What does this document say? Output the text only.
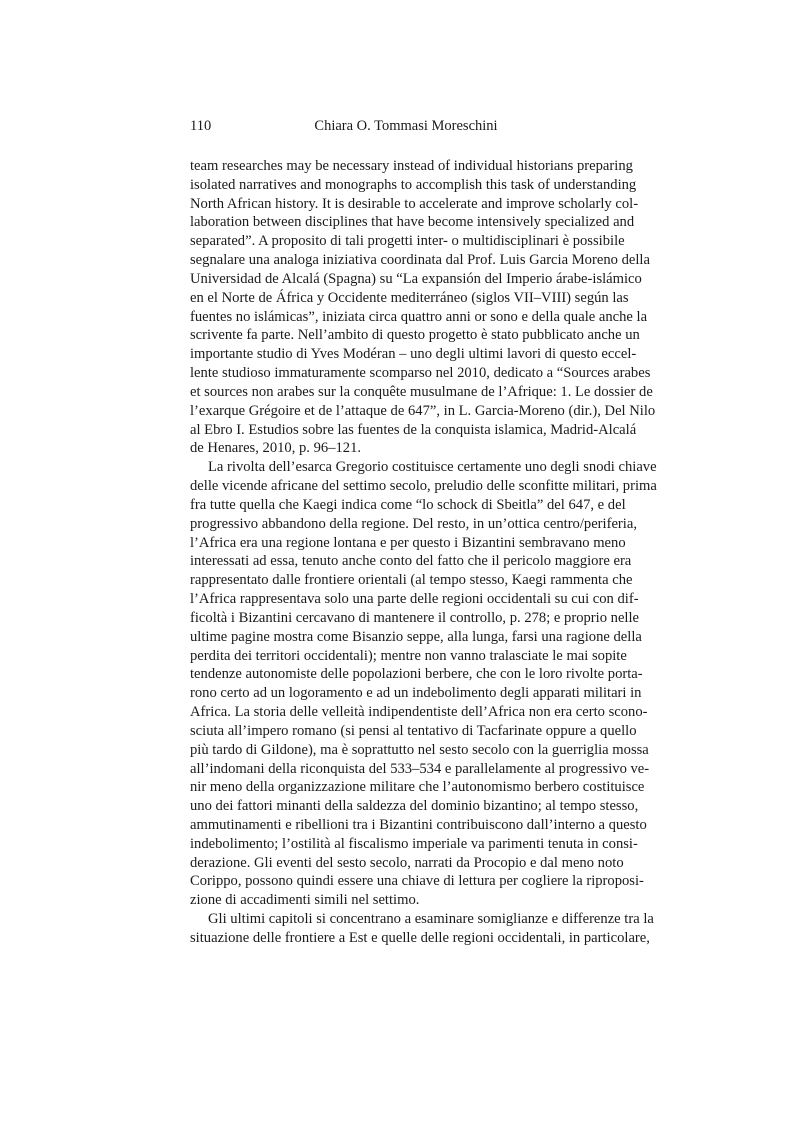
110	Chiara O. Tommasi Moreschini
team researches may be necessary instead of individual historians preparing
isolated narratives and monographs to accomplish this task of understanding
North African history. It is desirable to accelerate and improve scholarly col-
laboration between disciplines that have become intensively specialized and
separated”. A proposito di tali progetti inter- o multidisciplinari è possibile
segnalare una analoga iniziativa coordinata dal Prof. Luis Garcia Moreno della
Universidad de Alcalá (Spagna) su “La expansión del Imperio árabe-islámico
en el Norte de África y Occidente mediterráneo (siglos VII–VIII) según las
fuentes no islámicas”, iniziata circa quattro anni or sono e della quale anche la
scrivente fa parte. Nell’ambito di questo progetto è stato pubblicato anche un
importante studio di Yves Modéran – uno degli ultimi lavori di questo eccel-
lente studioso immaturamente scomparso nel 2010, dedicato a “Sources arabes
et sources non arabes sur la conquête musulmane de l’Afrique: 1. Le dossier de
l’exarque Grégoire et de l’attaque de 647”, in L. Garcia-Moreno (dir.), Del Nilo
al Ebro I. Estudios sobre las fuentes de la conquista islamica, Madrid-Alcalá
de Henares, 2010, p. 96–121.
La rivolta dell’esarca Gregorio costituisce certamente uno degli snodi chiave
delle vicende africane del settimo secolo, preludio delle sconfitte militari, prima
fra tutte quella che Kaegi indica come “lo schock di Sbeitla” del 647, e del
progressivo abbandono della regione. Del resto, in un’ottica centro/periferia,
l’Africa era una regione lontana e per questo i Bizantini sembravano meno
interessati ad essa, tenuto anche conto del fatto che il pericolo maggiore era
rappresentato dalle frontiere orientali (al tempo stesso, Kaegi rammenta che
l’Africa rappresentava solo una parte delle regioni occidentali su cui con dif-
ficoltà i Bizantini cercavano di mantenere il controllo, p. 278; e proprio nelle
ultime pagine mostra come Bisanzio seppe, alla lunga, farsi una ragione della
perdita dei territori occidentali); mentre non vanno tralasciate le mai sopite
tendenze autonomiste delle popolazioni berbere, che con le loro rivolte porta-
rono certo ad un logoramento e ad un indebolimento degli apparati militari in
Africa. La storia delle velleità indipendentiste dell’Africa non era certo scono-
sciuta all’impero romano (si pensi al tentativo di Tacfarinate oppure a quello
più tardo di Gildone), ma è soprattutto nel sesto secolo con la guerriglia mossa
all’indomani della riconquista del 533–534 e parallelamente al progressivo ve-
nir meno della organizzazione militare che l’autonomismo berbero costituisce
uno dei fattori minanti della saldezza del dominio bizantino; al tempo stesso,
ammutinamenti e ribellioni tra i Bizantini contribuiscono dall’interno a questo
indebolimento; l’ostilità al fiscalismo imperiale va parimenti tenuta in consi-
derazione. Gli eventi del sesto secolo, narrati da Procopio e dal meno noto
Corippo, possono quindi essere una chiave di lettura per cogliere la riproposi-
zione di accadimenti simili nel settimo.
Gli ultimi capitoli si concentrano a esaminare somiglianze e differenze tra la
situazione delle frontiere a Est e quelle delle regioni occidentali, in particolare,
